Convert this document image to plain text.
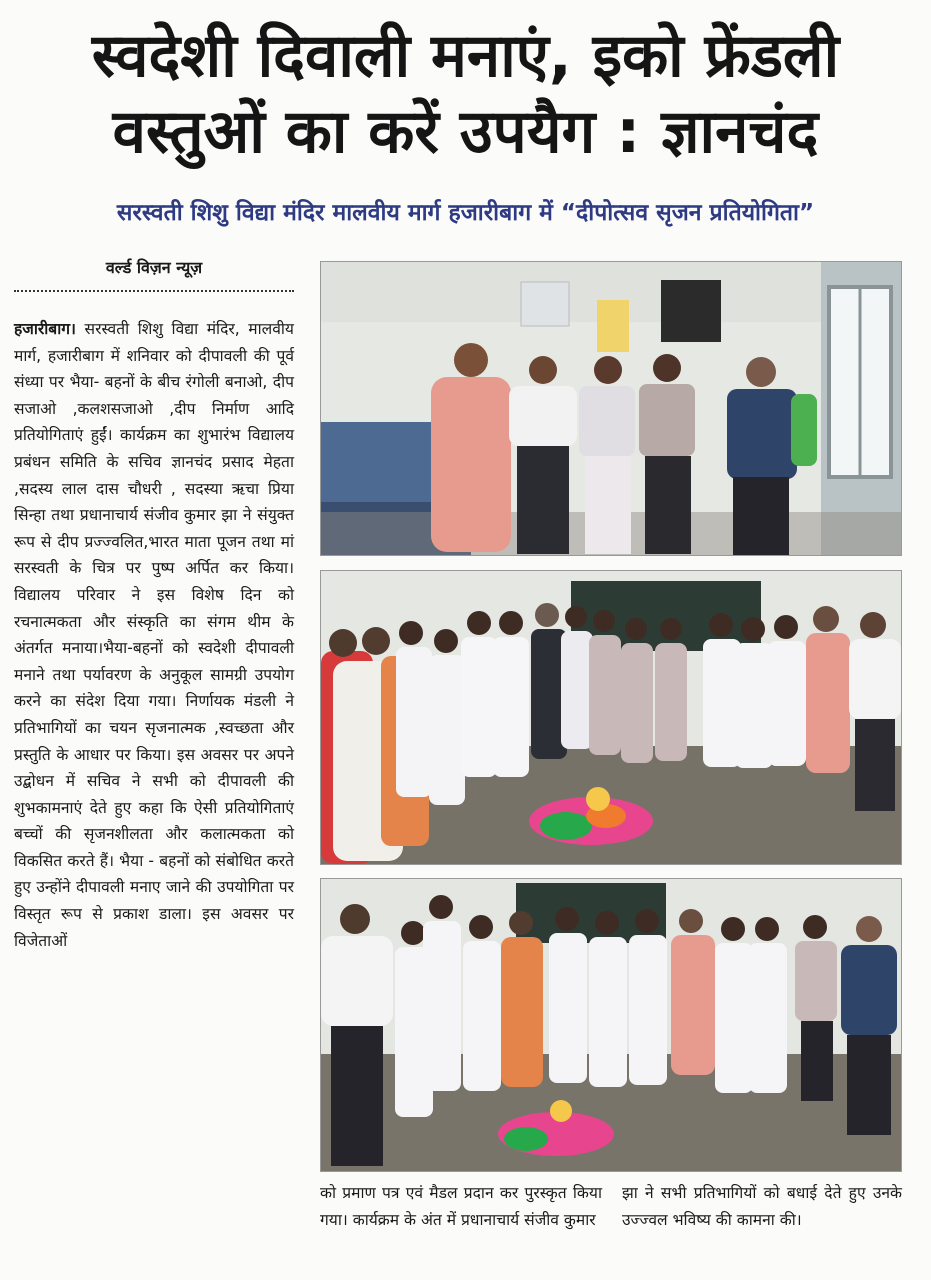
स्वदेशी दिवाली मनाएं, इको फ्रेंडली
वस्तुओं का करें उपयैग : ज्ञानचंद
सरस्वती शिशु विद्या मंदिर मालवीय मार्ग हजारीबाग में “दीपोत्सव सृजन प्रतियोगिता”
वर्ल्ड विज़न न्यूज़
हजारीबाग। सरस्वती शिशु विद्या मंदिर, मालवीय मार्ग, हजारीबाग में शनिवार को दीपावली की पूर्व संध्या पर भैया- बहनों के बीच रंगोली बनाओ, दीप सजाओ ,कलशसजाओ ,दीप निर्माण आदि प्रतियोगिताएं हुईं। कार्यक्रम का शुभारंभ विद्यालय प्रबंधन समिति के सचिव ज्ञानचंद प्रसाद मेहता ,सदस्य लाल दास चौधरी , सदस्या ऋचा प्रिया सिन्हा तथा प्रधानाचार्य संजीव कुमार झा ने संयुक्त रूप से दीप प्रज्ज्वलित,भारत माता पूजन तथा मां सरस्वती के चित्र पर पुष्प अर्पित कर किया। विद्यालय परिवार ने इस विशेष दिन को रचनात्मकता और संस्कृति का संगम थीम के अंतर्गत मनाया।भैया-बहनों को स्वदेशी दीपावली मनाने तथा पर्यावरण के अनुकूल सामग्री उपयोग करने का संदेश दिया गया। निर्णायक मंडली ने प्रतिभागियों का चयन सृजनात्मक ,स्वच्छता और प्रस्तुति के आधार पर किया। इस अवसर पर अपने उद्बोधन में सचिव ने सभी को दीपावली की शुभकामनाएं देते हुए कहा कि ऐसी प्रतियोगिताएं बच्चों की सृजनशीलता और कलात्मकता को विकसित करते हैं। भैया - बहनों को संबोधित करते हुए उन्होंने दीपावली मनाए जाने की उपयोगिता पर विस्तृत रूप से प्रकाश डाला। इस अवसर पर विजेताओं
को प्रमाण पत्र एवं मैडल प्रदान कर पुरस्कृत किया गया। कार्यक्रम के अंत में प्रधानाचार्य संजीव कुमार
झा ने सभी प्रतिभागियों को बधाई देते हुए उनके उज्ज्वल भविष्य की कामना की।
